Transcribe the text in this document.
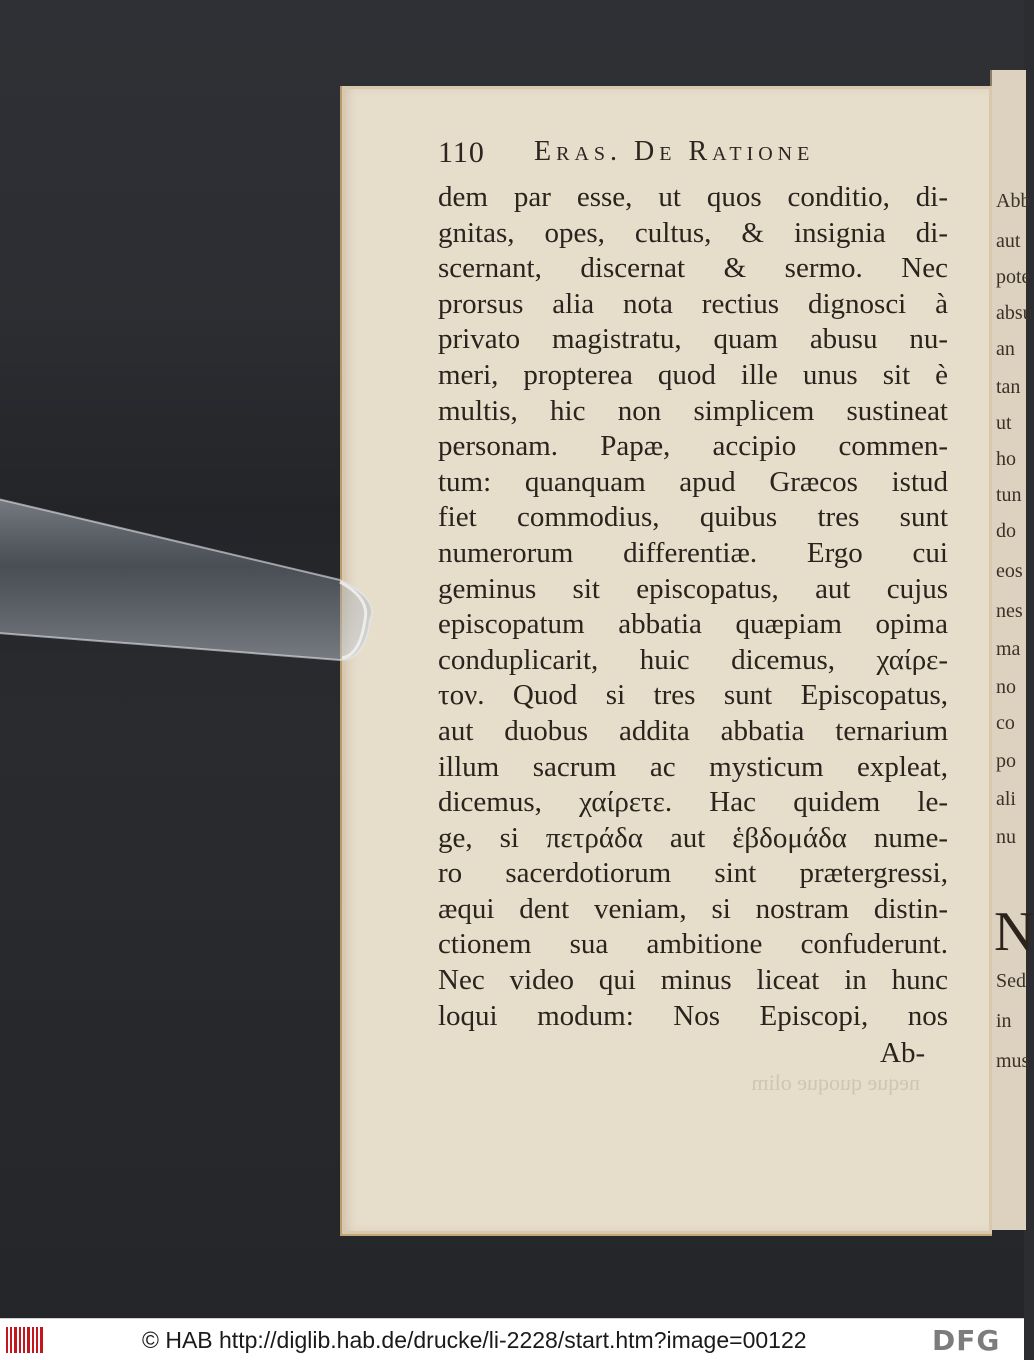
Abb
aut
pote
absu
an
tan
ut
ho
tun
do
eos
nes
ma
no
co
po
ali
nu
N
Sed
in
mus
110 Eras. De Ratione
dem par esse, ut quos conditio, di-
gnitas, opes, cultus, & insignia di-
scernant, discernat & sermo. Nec
prorsus alia nota rectius dignosci à
privato magistratu, quam abusu nu-
meri, propterea quod ille unus sit è
multis, hic non simplicem sustineat
personam. Papæ, accipio commen-
tum: quanquam apud Græcos istud
fiet commodius, quibus tres sunt
numerorum differentiæ. Ergo cui
geminus sit episcopatus, aut cujus
episcopatum abbatia quæpiam opima
conduplicarit, huic dicemus, χαίρε-
τον. Quod si tres sunt Episcopatus,
aut duobus addita abbatia ternarium
illum sacrum ac mysticum expleat,
dicemus, χαίρετε. Hac quidem le-
ge, si πετράδα aut ἑβδομάδα nume-
ro sacerdotiorum sint prætergressi,
æqui dent veniam, si nostram distin-
ctionem sua ambitione confuderunt.
Nec video qui minus liceat in hunc
loqui modum: Nos Episcopi, nos
Ab-
neque quoque olim
© HAB http://diglib.hab.de/drucke/li-2228/start.htm?image=00122	DFG
